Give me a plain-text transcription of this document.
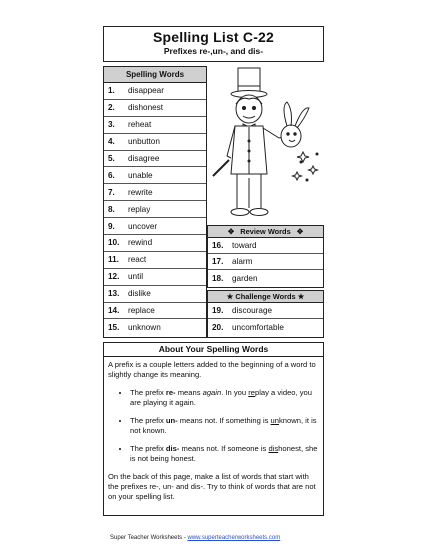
Spelling List C-22
Prefixes re-,un-, and dis-
Spelling Words
1.	disappear
2.	dishonest
3.	reheat
4.	unbutton
5.	disagree
6.	unable
7.	rewrite
8.	replay
9.	uncover
10.	rewind
11.	react
12.	until
13.	dislike
14.	replace
15.	unknown
✥ Review Words ✥
16.	toward
17.	alarm
18.	garden
★ Challenge Words ★
19.	discourage
20.	uncomfortable
About Your Spelling Words

A prefix is a couple letters added to the beginning of a word to slightly change its meaning.

• The prefix re- means again. In you replay a video, you are playing it again.
• The prefix un- means not. If something is unknown, it is not known.
• The prefix dis- means not. If someone is dishonest, she is not being honest.

On the back of this page, make a list of words that start with the prefixes re-, un- and dis-. Try to think of words that are not on your spelling list.

Super Teacher Worksheets - www.superteacherworksheets.com
